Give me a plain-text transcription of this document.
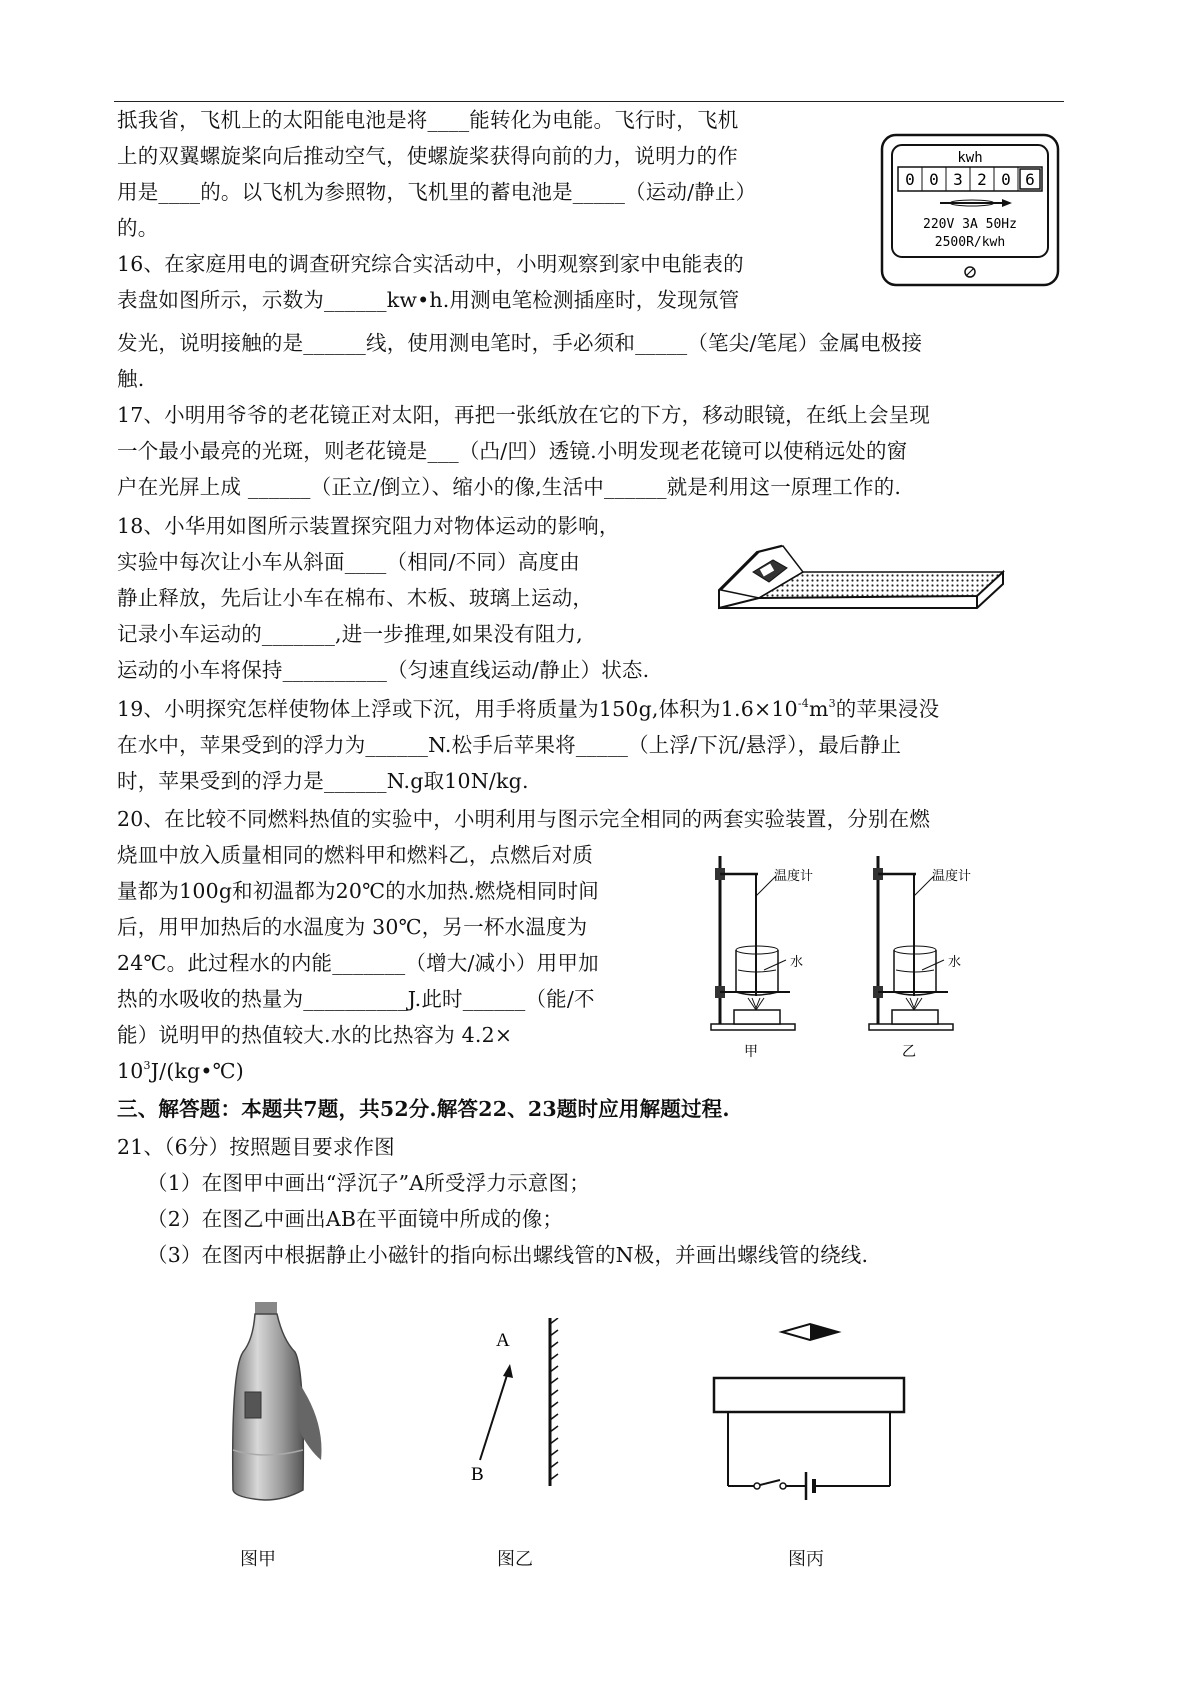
抵我省，飞机上的太阳能电池是将____能转化为电能。飞行时，飞机
上的双翼螺旋桨向后推动空气，使螺旋桨获得向前的力，说明力的作
用是____的。以飞机为参照物，飞机里的蓄电池是_____（运动/静止）
的。
16、在家庭用电的调查研究综合实活动中，小明观察到家中电能表的
表盘如图所示，示数为______kw•h.用测电笔检测插座时，发现氖管
发光，说明接触的是______线，使用测电笔时，手必须和_____（笔尖/笔尾）金属电极接
触.
17、小明用爷爷的老花镜正对太阳，再把一张纸放在它的下方，移动眼镜，在纸上会呈现
一个最小最亮的光斑，则老花镜是___（凸/凹）透镜.小明发现老花镜可以使稍远处的窗
户在光屏上成 ______（正立/倒立）、缩小的像,生活中______就是利用这一原理工作的.
18、小华用如图所示装置探究阻力对物体运动的影响，
实验中每次让小车从斜面____（相同/不同）高度由
静止释放，先后让小车在棉布、木板、玻璃上运动，
记录小车运动的_______,进一步推理,如果没有阻力,
运动的小车将保持__________（匀速直线运动/静止）状态.
19、小明探究怎样使物体上浮或下沉，用手将质量为150g,体积为$1.6\times 10^{-4}m^3$的苹果浸没
在水中，苹果受到的浮力为______N.松手后苹果将_____（上浮/下沉/悬浮），最后静止
时，苹果受到的浮力是______N.g取10N/kg.
20、在比较不同燃料热值的实验中，小明利用与图示完全相同的两套实验装置，分别在燃
烧皿中放入质量相同的燃料甲和燃料乙，点燃后对质
量都为100g和初温都为20℃的水加热.燃烧相同时间
后，用甲加热后的水温度为 30℃，另一杯水温度为
24℃。此过程水的内能_______（增大/减小）用甲加
热的水吸收的热量为__________J.此时______（能/不
能）说明甲的热值较大.水的比热容为 4.2×
$10^3J/(kg•℃)$
三、解答题：本题共7题，共52分.解答22、23题时应用解题过程.
21、（6分）按照题目要求作图
（1）在图甲中画出“浮沉子”A所受浮力示意图；
（2）在图乙中画出AB在平面镜中所成的像；
（3）在图丙中根据静止小磁针的指向标出螺线管的N极，并画出螺线管的绕线.
kwh
0 0 3 2 0 6
220V 3A 50Hz
2500R/kwh
温度计
水
甲
温度计
水
乙
A
B
图甲	图乙	图丙
